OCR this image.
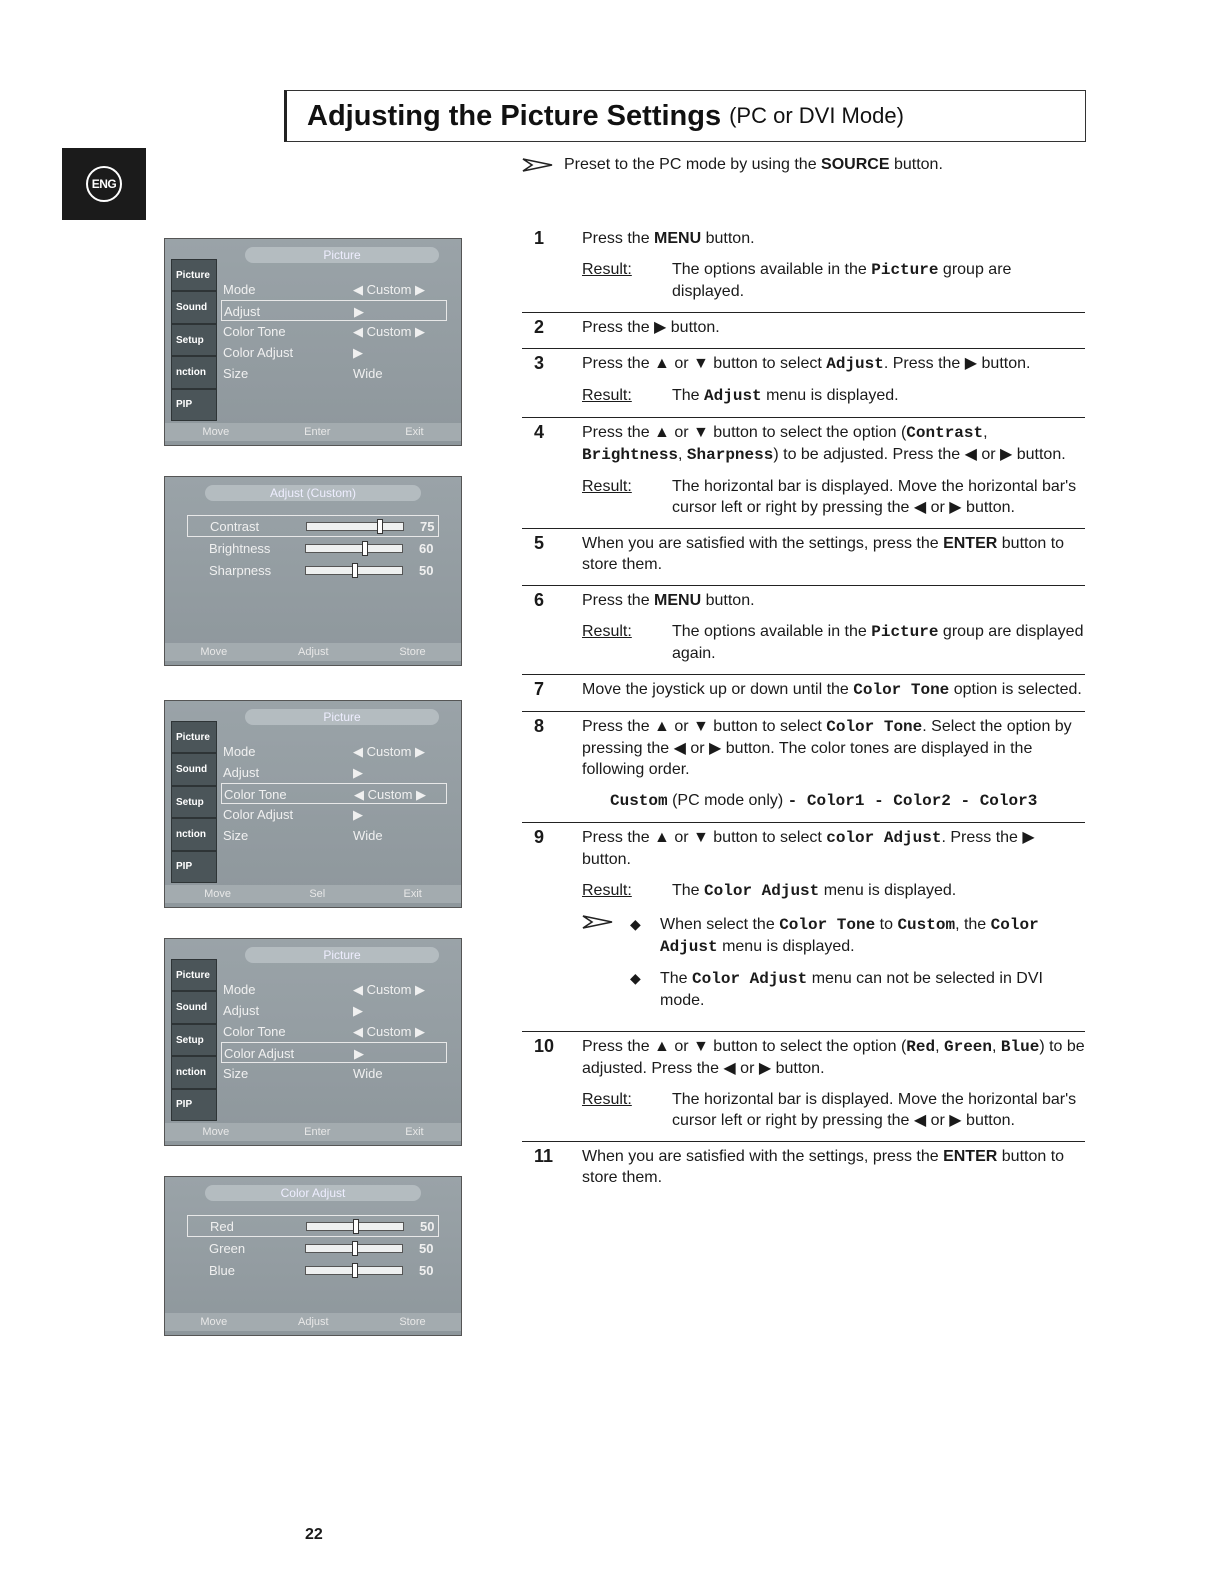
ENG
Adjusting the Picture Settings (PC or DVI Mode)
Preset to the PC mode by using the
SOURCE
button.
1 Press the MENU button.
Result:	The options available in the Picture group are displayed.
2 Press the ▶ button.
3 Press the ▲ or ▼ button to select Adjust. Press the ▶ button.
Result:	The Adjust menu is displayed.
4 Press the ▲ or ▼ button to select the option (Contrast, Brightness, Sharpness) to be adjusted. Press the ◀ or ▶ button.
Result:	The horizontal bar is displayed. Move the horizontal bar's cursor left or right by pressing the ◀ or ▶ button.
5 When you are satisfied with the settings, press the ENTER button to store them.
6 Press the MENU button.
Result:	The options available in the Picture group are displayed again.
7 Move the joystick up or down until the Color Tone option is selected.
8 Press the ▲ or ▼ button to select Color Tone. Select the option by pressing the ◀ or ▶ button. The color tones are displayed in the following order.
Custom (PC mode only) - Color1 - Color2 - Color3
9 Press the ▲ or ▼ button to select color Adjust. Press the ▶ button.
Result:	The Color Adjust menu is displayed.
◆ When select the Color Tone to Custom, the Color Adjust menu is displayed.
◆ The Color Adjust menu can not be selected in DVI mode.
10 Press the ▲ or ▼ button to select the option (Red, Green, Blue) to be adjusted. Press the ◀ or ▶ button.
Result:	The horizontal bar is displayed. Move the horizontal bar's cursor left or right by pressing the ◀ or ▶ button.
11 When you are satisfied with the settings, press the ENTER button to store them.
Picture
Picture
Sound
Setup
nction
PIP
Mode	◀ Custom ▶
Adjust	▶
Color Tone	◀ Custom ▶
Color Adjust	▶
Size	Wide
Move	Enter	Exit
Adjust (Custom)
Contrast	75
Brightness	60
Sharpness	50
Move	Adjust	Store
Picture
Picture
Sound
Setup
nction
PIP
Mode	◀ Custom ▶
Adjust	▶
Color Tone	◀ Custom ▶
Color Adjust	▶
Size	Wide
Move	Sel	Exit
Picture
Picture
Sound
Setup
nction
PIP
Mode	◀ Custom ▶
Adjust	▶
Color Tone	◀ Custom ▶
Color Adjust	▶
Size	Wide
Move	Enter	Exit
Color Adjust
Red	50
Green	50
Blue	50
Move	Adjust	Store
22
